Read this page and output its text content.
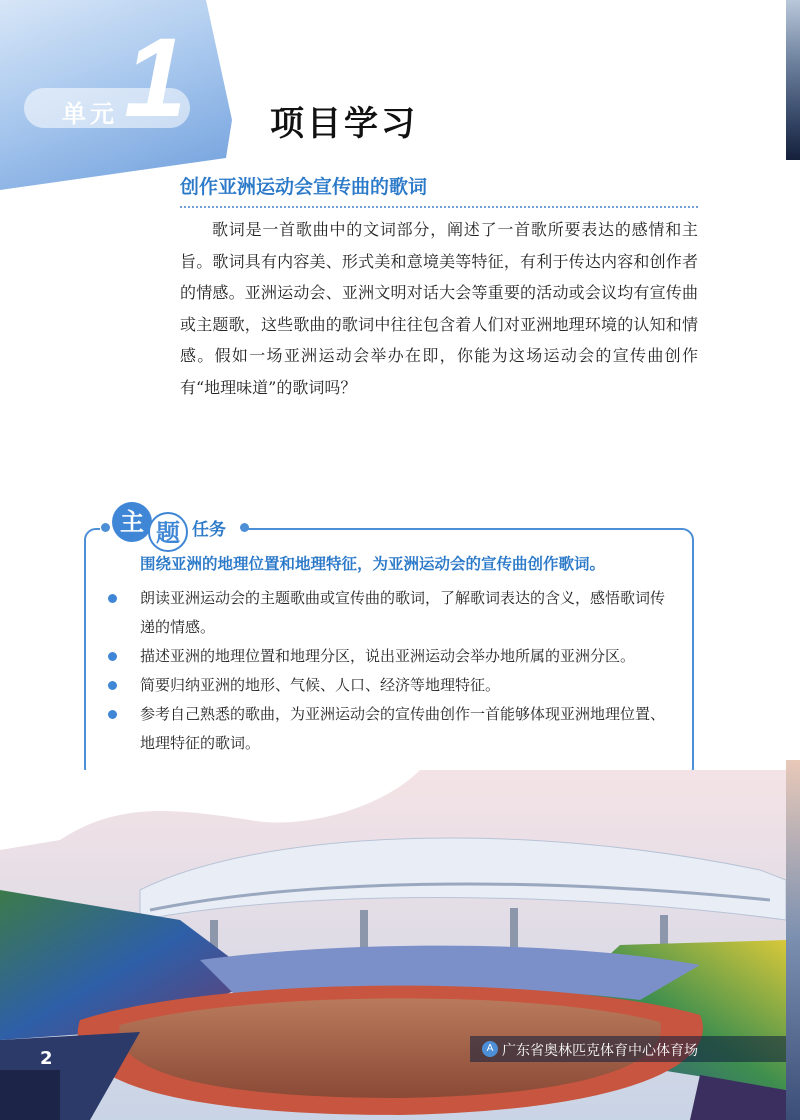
单元 1 项目学习
创作亚洲运动会宣传曲的歌词

歌词是一首歌曲中的文词部分，阐述了一首歌所要表达的感情和主旨。歌词具有内容美、形式美和意境美等特征，有利于传达内容和创作者的情感。亚洲运动会、亚洲文明对话大会等重要的活动或会议均有宣传曲或主题歌，这些歌曲的歌词中往往包含着人们对亚洲地理环境的认知和情感。假如一场亚洲运动会举办在即，你能为这场运动会的宣传曲创作有“地理味道”的歌词吗？

主 题 任务
围绕亚洲的地理位置和地理特征，为亚洲运动会的宣传曲创作歌词。
朗读亚洲运动会的主题歌曲或宣传曲的歌词，了解歌词表达的含义，感悟歌词传递的情感。
描述亚洲的地理位置和地理分区，说出亚洲运动会举办地所属的亚洲分区。
简要归纳亚洲的地形、气候、人口、经济等地理特征。
参考自己熟悉的歌曲，为亚洲运动会的宣传曲创作一首能够体现亚洲地理位置、地理特征的歌词。
2	A 广东省奥林匹克体育中心体育场
